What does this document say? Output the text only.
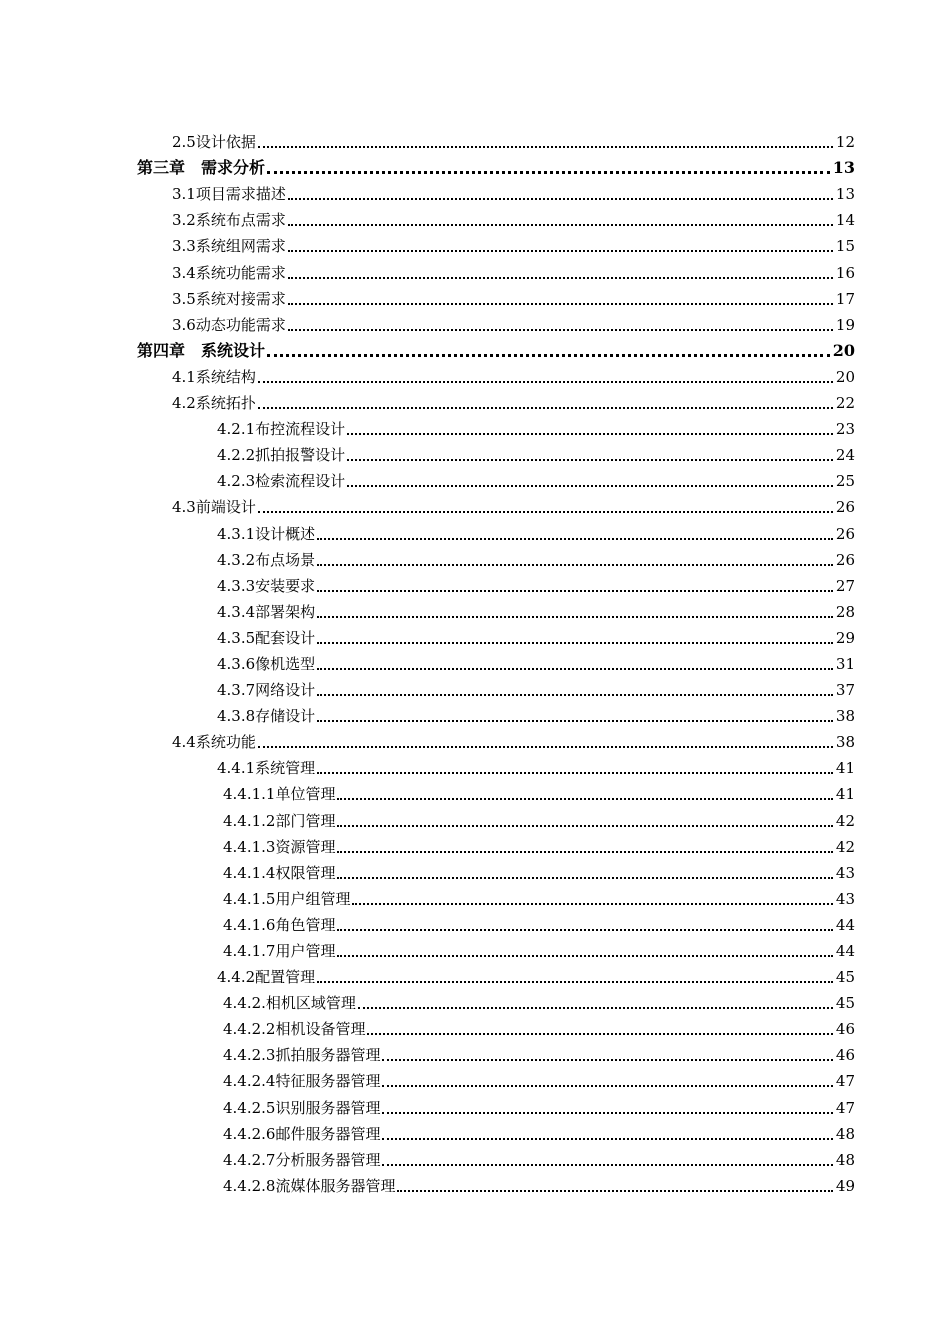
2.5设计依据	12
第三章　需求分析	13
3.1项目需求描述	13
3.2系统布点需求	14
3.3系统组网需求	15
3.4系统功能需求	16
3.5系统对接需求	17
3.6动态功能需求	19
第四章　系统设计	20
4.1系统结构	20
4.2系统拓扑	22
4.2.1布控流程设计	23
4.2.2抓拍报警设计	24
4.2.3检索流程设计	25
4.3前端设计	26
4.3.1设计概述	26
4.3.2布点场景	26
4.3.3安装要求	27
4.3.4部署架构	28
4.3.5配套设计	29
4.3.6像机选型	31
4.3.7网络设计	37
4.3.8存储设计	38
4.4系统功能	38
4.4.1系统管理	41
4.4.1.1单位管理	41
4.4.1.2部门管理	42
4.4.1.3资源管理	42
4.4.1.4权限管理	43
4.4.1.5用户组管理	43
4.4.1.6角色管理	44
4.4.1.7用户管理	44
4.4.2配置管理	45
4.4.2.相机区域管理	45
4.4.2.2相机设备管理	46
4.4.2.3抓拍服务器管理	46
4.4.2.4特征服务器管理	47
4.4.2.5识别服务器管理	47
4.4.2.6邮件服务器管理	48
4.4.2.7分析服务器管理	48
4.4.2.8流媒体服务器管理	49
